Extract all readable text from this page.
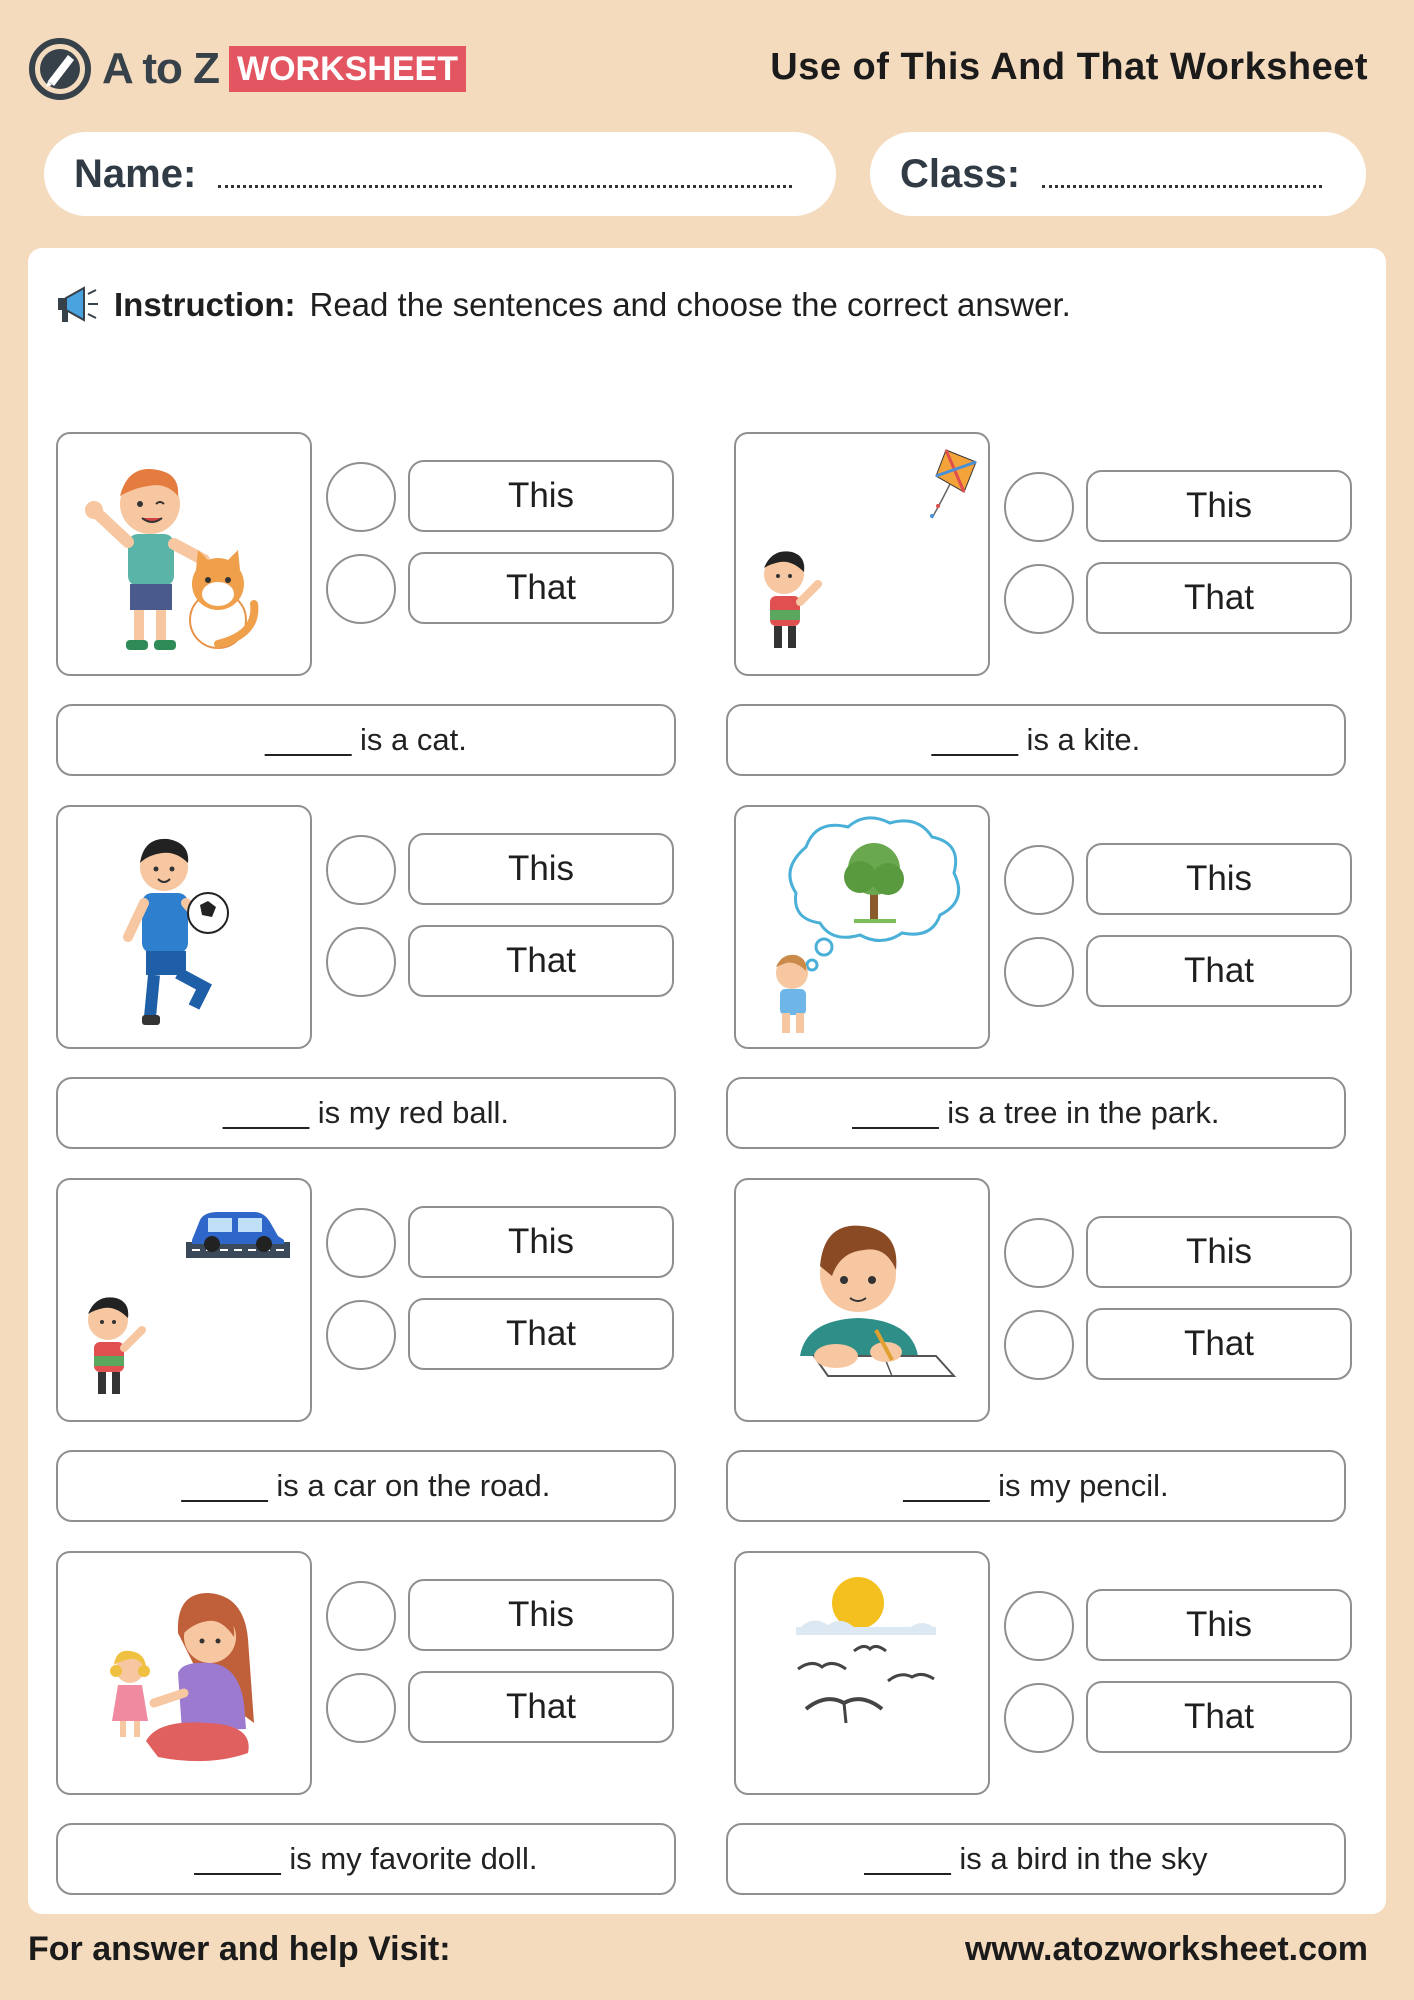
A to Z WORKSHEET	Use of This And That Worksheet
Name:	Class:
Instruction: Read the sentences and choose the correct answer.
This
That
_____ is a cat.
This
That
_____ is a kite.
This
That
_____ is my red ball.
This
That
_____ is a tree in the park.
This
That
_____ is a car on the road.
This
That
_____ is my pencil.
This
That
_____ is my favorite doll.
This
That
_____ is a bird in the sky
For answer and help Visit:	www.atozworksheet.com
